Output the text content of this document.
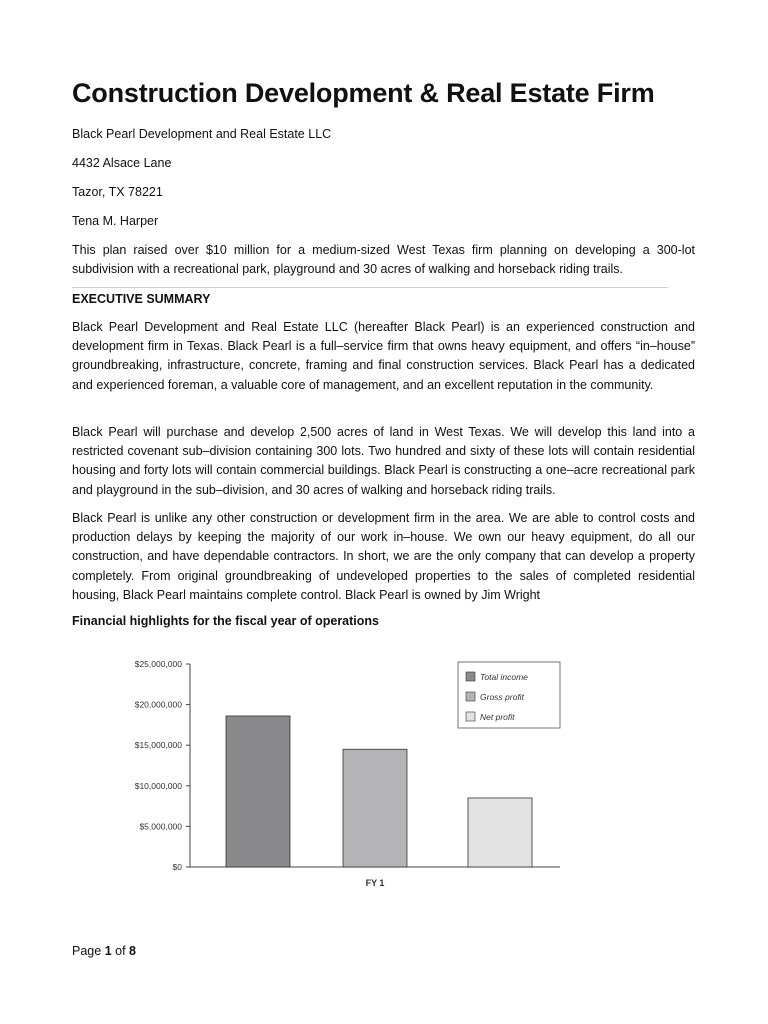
Construction Development & Real Estate Firm
Black Pearl Development and Real Estate LLC
4432 Alsace Lane
Tazor, TX 78221
Tena M. Harper
This plan raised over $10 million for a medium-sized West Texas firm planning on developing a 300-lot subdivision with a recreational park, playground and 30 acres of walking and horseback riding trails.
EXECUTIVE SUMMARY
Black Pearl Development and Real Estate LLC (hereafter Black Pearl) is an experienced construction and development firm in Texas. Black Pearl is a full–service firm that owns heavy equipment, and offers “in–house” groundbreaking, infrastructure, concrete, framing and final construction services. Black Pearl has a dedicated and experienced foreman, a valuable core of management, and an excellent reputation in the community.
Black Pearl will purchase and develop 2,500 acres of land in West Texas. We will develop this land into a restricted covenant sub–division containing 300 lots. Two hundred and sixty of these lots will contain residential housing and forty lots will contain commercial buildings. Black Pearl is constructing a one–acre recreational park and playground in the sub–division, and 30 acres of walking and horseback riding trails.
Black Pearl is unlike any other construction or development firm in the area. We are able to control costs and production delays by keeping the majority of our work in–house. We own our heavy equipment, do all our construction, and have dependable contractors. In short, we are the only company that can develop a property completely. From original groundbreaking of undeveloped properties to the sales of completed residential housing, Black Pearl maintains complete control. Black Pearl is owned by Jim Wright
Financial highlights for the fiscal year of operations
$0
$5,000,000
$10,000,000
$15,000,000
$20,000,000
$25,000,000
FY 1
Total income
Gross profit
Net profit
Page 1 of 8
